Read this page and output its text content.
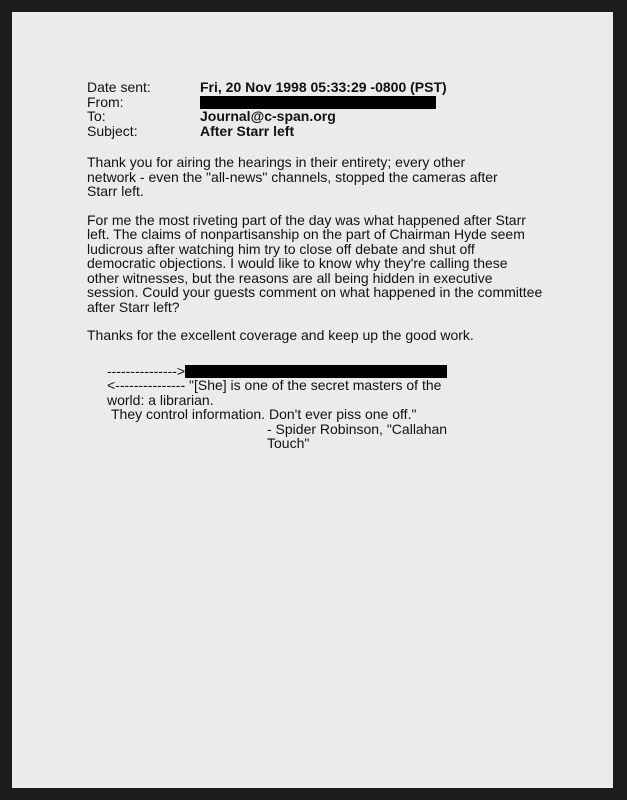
Date sent:	Fri, 20 Nov 1998 05:33:29 -0800 (PST)
From:
To:	Journal@c-span.org
Subject:	After Starr left

Thank you for airing the hearings in their entirety; every other
network - even the "all-news" channels, stopped the cameras after
Starr left.

For me the most riveting part of the day was what happened after Starr
left. The claims of nonpartisanship on the part of Chairman Hyde seem
ludicrous after watching him try to close off debate and shut off
democratic objections. I would like to know why they're calling these
other witnesses, but the reasons are all being hidden in executive
session. Could your guests comment on what happened in the committee
after Starr left?

Thanks for the excellent coverage and keep up the good work.

--------------->
<--------------- "[She] is one of the secret masters of the
world: a librarian.
They control information. Don't ever piss one off."
- Spider Robinson, "Callahan
Touch"
